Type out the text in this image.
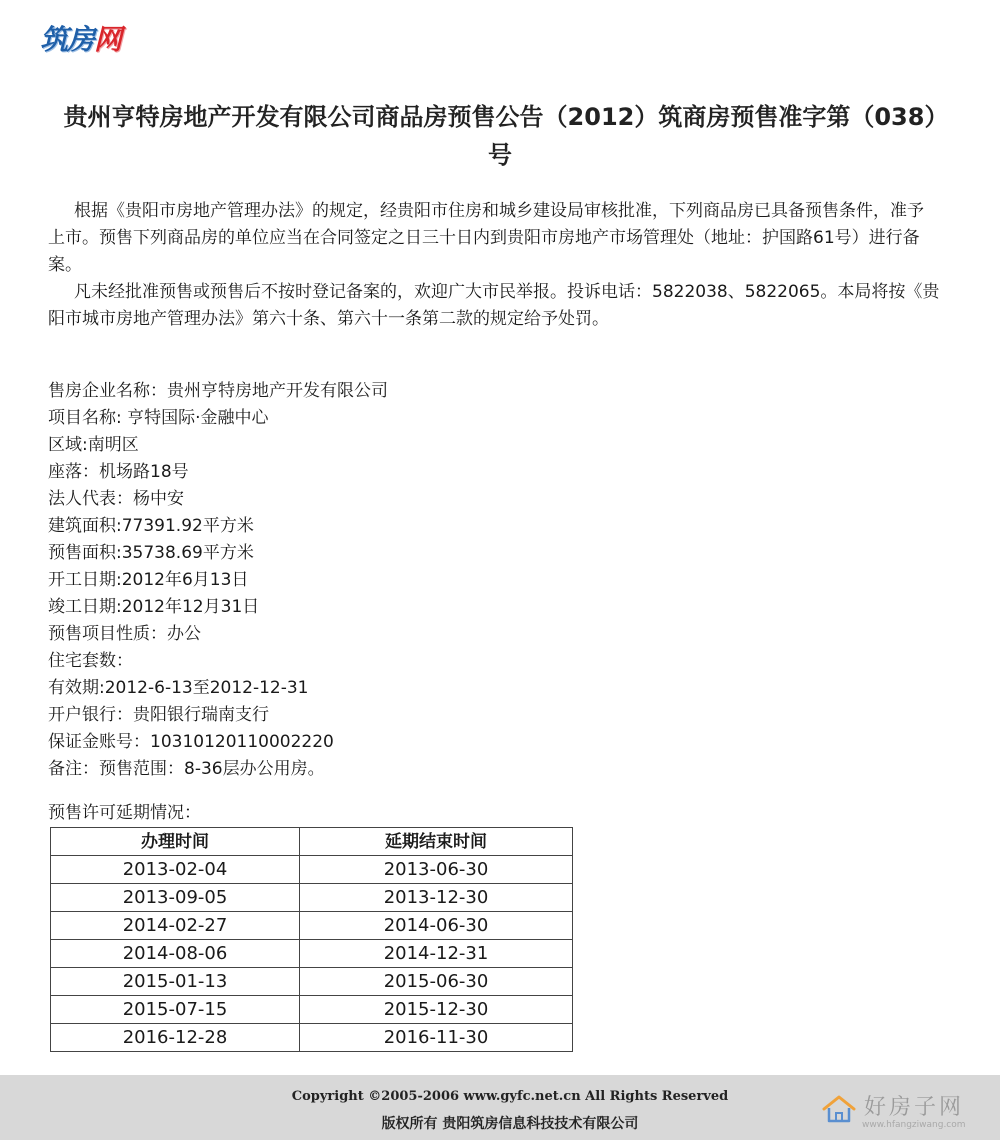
筑房网
贵州亨特房地产开发有限公司商品房预售公告（2012）筑商房预售准字第（038）号

根据《贵阳市房地产管理办法》的规定，经贵阳市住房和城乡建设局审核批准，下列商品房已具备预售条件，准予上市。预售下列商品房的单位应当在合同签定之日三十日内到贵阳市房地产市场管理处（地址：护国路61号）进行备案。

凡未经批准预售或预售后不按时登记备案的，欢迎广大市民举报。投诉电话：5822038、5822065。本局将按《贵阳市城市房地产管理办法》第六十条、第六十一条第二款的规定给予处罚。

售房企业名称：贵州亨特房地产开发有限公司
项目名称: 亨特国际·金融中心
区域:南明区
座落：机场路18号
法人代表：杨中安
建筑面积:77391.92平方米
预售面积:35738.69平方米
开工日期:2012年6月13日
竣工日期:2012年12月31日
预售项目性质：办公
住宅套数：
有效期:2012-6-13至2012-12-31
开户银行：贵阳银行瑞南支行
保证金账号：10310120110002220
备注：预售范围：8-36层办公用房。
预售许可延期情况：
办理时间	延期结束时间
2013-02-04	2013-06-30
2013-09-05	2013-12-30
2014-02-27	2014-06-30
2014-08-06	2014-12-31
2015-01-13	2015-06-30
2015-07-15	2015-12-30
2016-12-28	2016-11-30
Copyright ©2005-2006 www.gyfc.net.cn All Rights Reserved
版权所有 贵阳筑房信息科技技术有限公司
好房子网
www.hfangziwang.com
